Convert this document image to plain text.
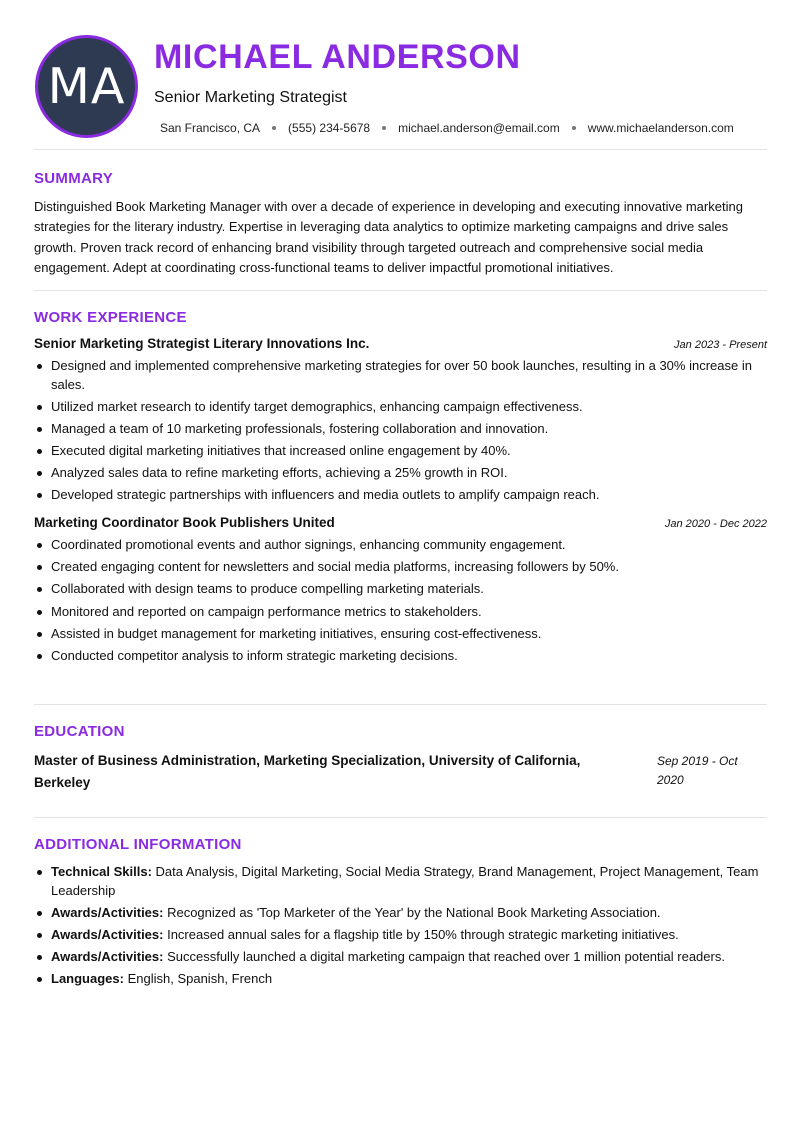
MA
MICHAEL ANDERSON
Senior Marketing Strategist
San Francisco, CA (555) 234-5678 michael.anderson@email.com www.michaelanderson.com
SUMMARY

Distinguished Book Marketing Manager with over a decade of experience in developing and executing innovative marketing strategies for the literary industry. Expertise in leveraging data analytics to optimize marketing campaigns and drive sales growth. Proven track record of enhancing brand visibility through targeted outreach and comprehensive social media engagement. Adept at coordinating cross-functional teams to deliver impactful promotional initiatives.

WORK EXPERIENCE
Senior Marketing Strategist Literary Innovations Inc.	Jan 2023 - Present
Designed and implemented comprehensive marketing strategies for over 50 book launches, resulting in a 30% increase in sales.
Utilized market research to identify target demographics, enhancing campaign effectiveness.
Managed a team of 10 marketing professionals, fostering collaboration and innovation.
Executed digital marketing initiatives that increased online engagement by 40%.
Analyzed sales data to refine marketing efforts, achieving a 25% growth in ROI.
Developed strategic partnerships with influencers and media outlets to amplify campaign reach.
Marketing Coordinator Book Publishers United	Jan 2020 - Dec 2022
Coordinated promotional events and author signings, enhancing community engagement.
Created engaging content for newsletters and social media platforms, increasing followers by 50%.
Collaborated with design teams to produce compelling marketing materials.
Monitored and reported on campaign performance metrics to stakeholders.
Assisted in budget management for marketing initiatives, ensuring cost-effectiveness.
Conducted competitor analysis to inform strategic marketing decisions.
EDUCATION
Master of Business Administration, Marketing Specialization, University of California, Berkeley
Sep 2019 - Oct 2020
ADDITIONAL INFORMATION
Technical Skills: Data Analysis, Digital Marketing, Social Media Strategy, Brand Management, Project Management, Team Leadership
Awards/Activities: Recognized as 'Top Marketer of the Year' by the National Book Marketing Association.
Awards/Activities: Increased annual sales for a flagship title by 150% through strategic marketing initiatives.
Awards/Activities: Successfully launched a digital marketing campaign that reached over 1 million potential readers.
Languages: English, Spanish, French
